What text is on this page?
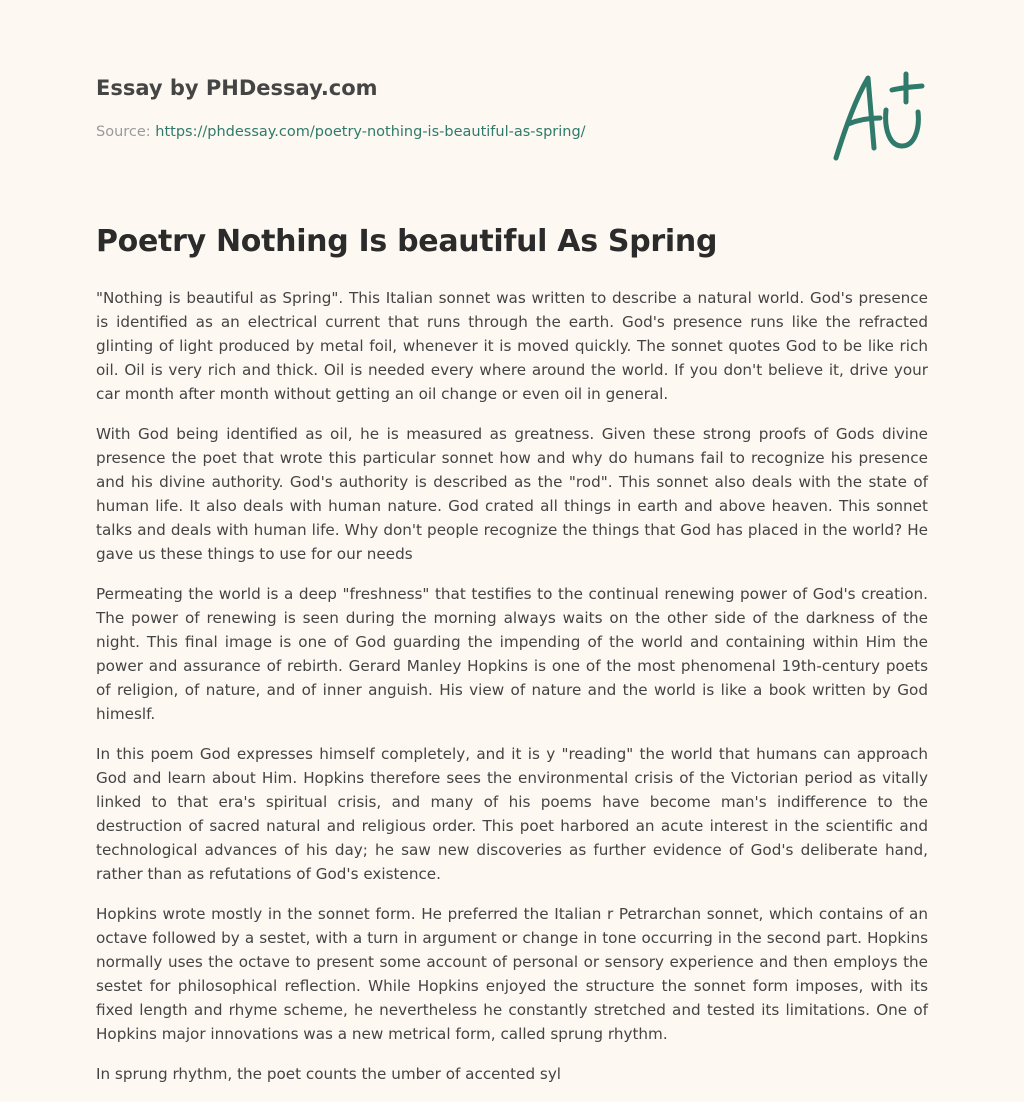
Essay by PHDessay.com

Source: https://phdessay.com/poetry-nothing-is-beautiful-as-spring/

Poetry Nothing Is beautiful As Spring

"Nothing is beautiful as Spring". This Italian sonnet was written to describe a natural world. God's presence is identified as an electrical current that runs through the earth. God's presence runs like the refracted glinting of light produced by metal foil, whenever it is moved quickly. The sonnet quotes God to be like rich oil. Oil is very rich and thick. Oil is needed every where around the world. If you don't believe it, drive your car month after month without getting an oil change or even oil in general.

With God being identified as oil, he is measured as greatness. Given these strong proofs of Gods divine presence the poet that wrote this particular sonnet how and why do humans fail to recognize his presence and his divine authority. God's authority is described as the "rod". This sonnet also deals with the state of human life. It also deals with human nature. God crated all things in earth and above heaven. This sonnet talks and deals with human life. Why don't people recognize the things that God has placed in the world? He gave us these things to use for our needs

Permeating the world is a deep "freshness" that testifies to the continual renewing power of God's creation. The power of renewing is seen during the morning always waits on the other side of the darkness of the night. This final image is one of God guarding the impending of the world and containing within Him the power and assurance of rebirth. Gerard Manley Hopkins is one of the most phenomenal 19th-century poets of religion, of nature, and of inner anguish. His view of nature and the world is like a book written by God himeslf.

In this poem God expresses himself completely, and it is y "reading" the world that humans can approach God and learn about Him. Hopkins therefore sees the environmental crisis of the Victorian period as vitally linked to that era's spiritual crisis, and many of his poems have become man's indifference to the destruction of sacred natural and religious order. This poet harbored an acute interest in the scientific and technological advances of his day; he saw new discoveries as further evidence of God's deliberate hand, rather than as refutations of God's existence.

Hopkins wrote mostly in the sonnet form. He preferred the Italian r Petrarchan sonnet, which contains of an octave followed by a sestet, with a turn in argument or change in tone occurring in the second part. Hopkins normally uses the octave to present some account of personal or sensory experience and then employs the sestet for philosophical reflection. While Hopkins enjoyed the structure the sonnet form imposes, with its fixed length and rhyme scheme, he nevertheless he constantly stretched and tested its limitations. One of Hopkins major innovations was a new metrical form, called sprung rhythm.

In sprung rhythm, the poet counts the umber of accented syl
